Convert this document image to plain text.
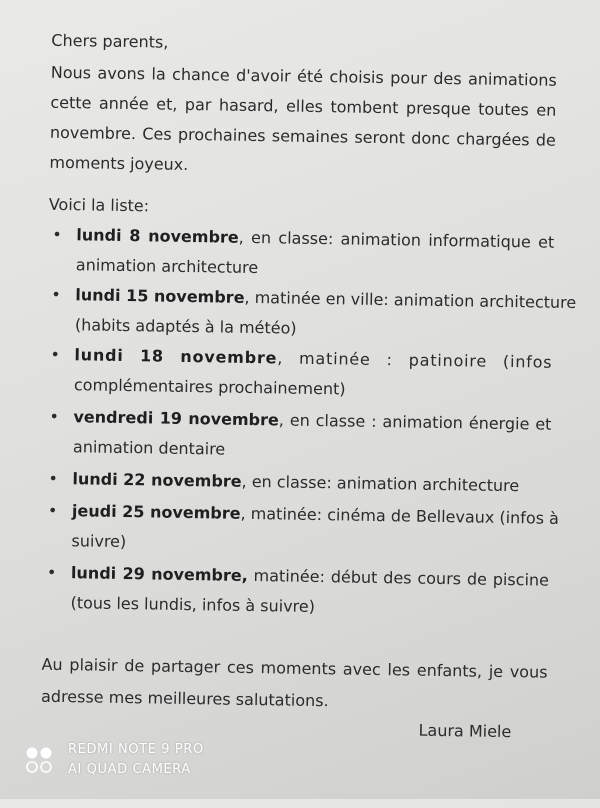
Chers parents,
Nous avons la chance d'avoir été choisis pour des animations
cette année et, par hasard, elles tombent presque toutes en
novembre. Ces prochaines semaines seront donc chargées de
moments joyeux.
Voici la liste:
• lundi 8 novembre, en classe: animation informatique et
animation architecture
• lundi 15 novembre, matinée en ville: animation architecture
(habits adaptés à la météo)
• lundi 18 novembre, matinée : patinoire (infos
complémentaires prochainement)
• vendredi 19 novembre, en classe : animation énergie et
animation dentaire
• lundi 22 novembre, en classe: animation architecture
• jeudi 25 novembre, matinée: cinéma de Bellevaux (infos à
suivre)
• lundi 29 novembre, matinée: début des cours de piscine
(tous les lundis, infos à suivre)
Au plaisir de partager ces moments avec les enfants, je vous
adresse mes meilleures salutations.
Laura Miele
REDMI NOTE 9 PRO
AI QUAD CAMERA
